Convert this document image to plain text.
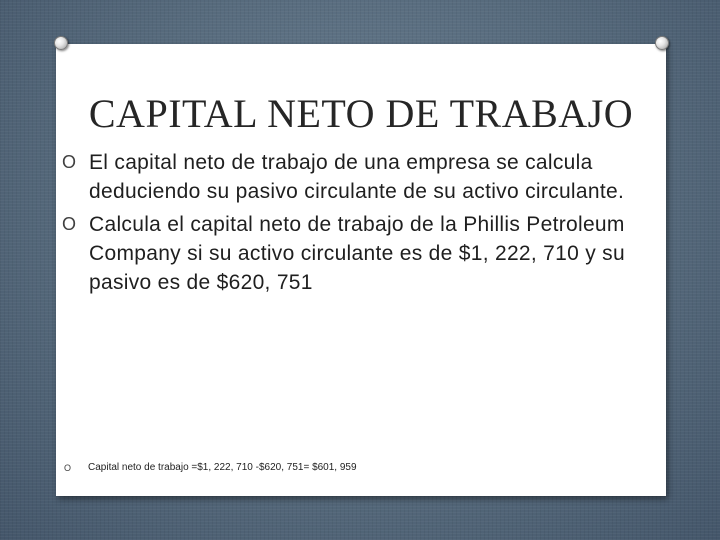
CAPITAL NETO DE TRABAJO
O El capital neto de trabajo de una empresa se calcula deduciendo su pasivo circulante de su activo circulante.
O Calcula el capital neto de trabajo de la Phillis Petroleum Company si su activo circulante es de $1, 222, 710 y su pasivo es de $620, 751
O Capital neto de trabajo =$1, 222, 710 -$620, 751= $601, 959
